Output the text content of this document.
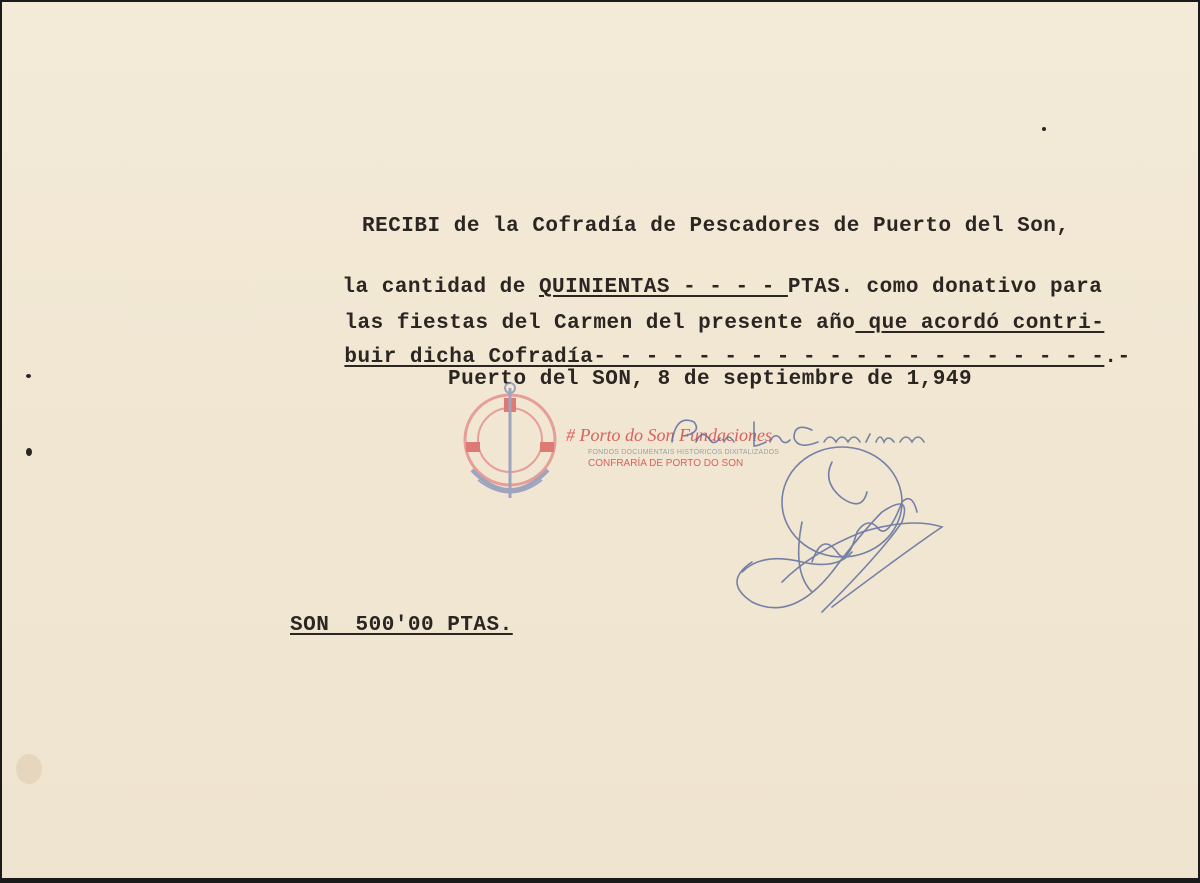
RECIBI de la Cofradía de Pescadores de Puerto del Son,

la cantidad de QUINIENTAS - - - - PTAS. como donativo para

las fiestas del Carmen del presente año que acordó contri-

buir dicha Cofradía- - - - - - - - - - - - - - - - - - - -.-

Puerto del SON, 8 de septiembre de 1,949
SON  500'00 PTAS.
# Porto do Son Fundaciones
FONDOS DOCUMENTAIS HISTÓRICOS DIXITALIZADOS
CONFRARÍA DE PORTO DO SON
